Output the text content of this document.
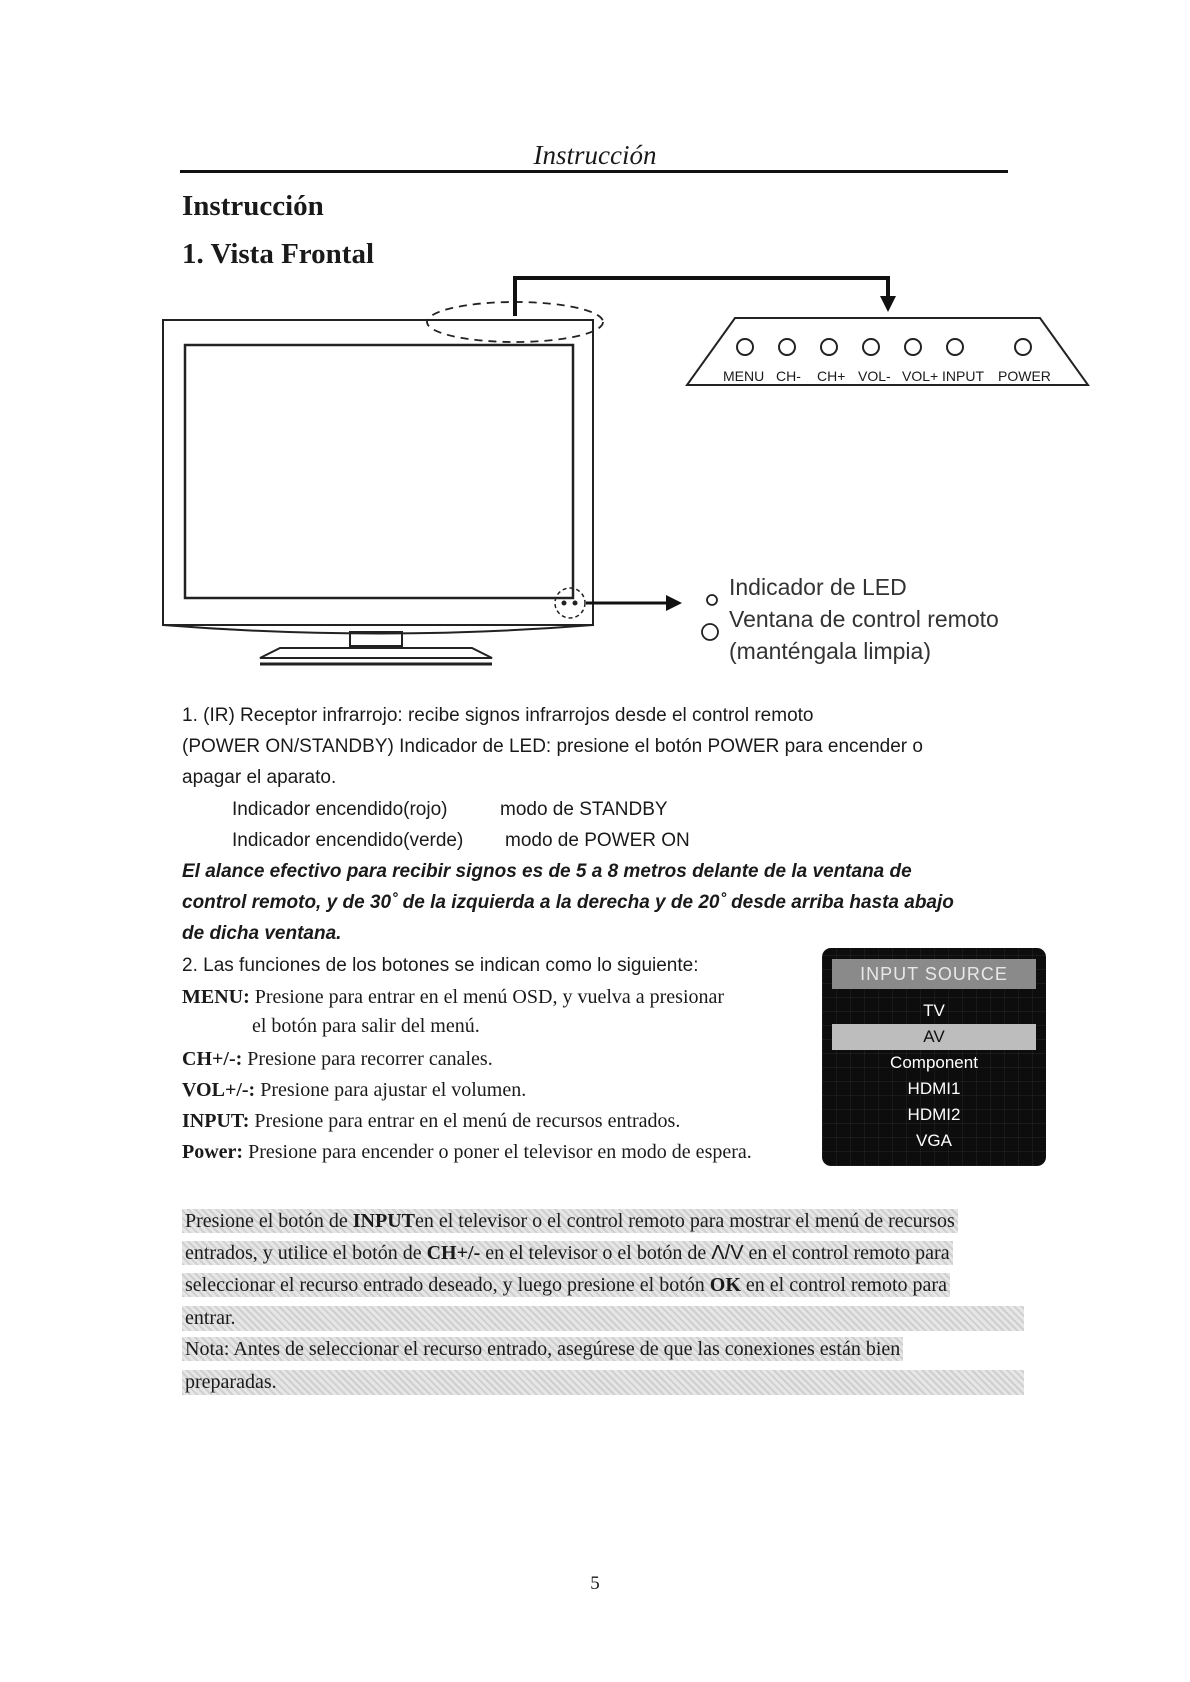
Instrucción
Instrucción
1. Vista Frontal
MENU CH- CH+ VOL- VOL+ INPUT POWER
Indicador de LED
Ventana de control remoto
(manténgala limpia)
1. (IR) Receptor infrarrojo: recibe signos infrarrojos desde el control remoto
(POWER ON/STANDBY) Indicador de LED: presione el botón POWER para encender o
apagar el aparato.
Indicador encendido(rojo)	modo de STANDBY
Indicador encendido(verde) modo de POWER ON
El alance efectivo para recibir signos es de 5 a 8 metros delante de la ventana de
control remoto, y de 30˚ de la izquierda a la derecha y de 20˚ desde arriba hasta abajo
de dicha ventana.
2. Las funciones de los botones se indican como lo siguiente:
MENU: Presione para entrar en el menú OSD, y vuelva a presionar
el botón para salir del menú.
CH+/-: Presione para recorrer canales.
VOL+/-: Presione para ajustar el volumen.
INPUT: Presione para entrar en el menú de recursos entrados.
Power: Presione para encender o poner el televisor en modo de espera.
INPUT SOURCE
TV
AV
Component
HDMI1
HDMI2
VGA
Presione el botón de INPUTen el televisor o el control remoto para mostrar el menú de recursos
entrados, y utilice el botón de CH+/- en el televisor o el botón de Λ/V en el control remoto para
seleccionar el recurso entrado deseado, y luego presione el botón OK en el control remoto para
entrar.
Nota: Antes de seleccionar el recurso entrado, asegúrese de que las conexiones están bien
preparadas.
5
